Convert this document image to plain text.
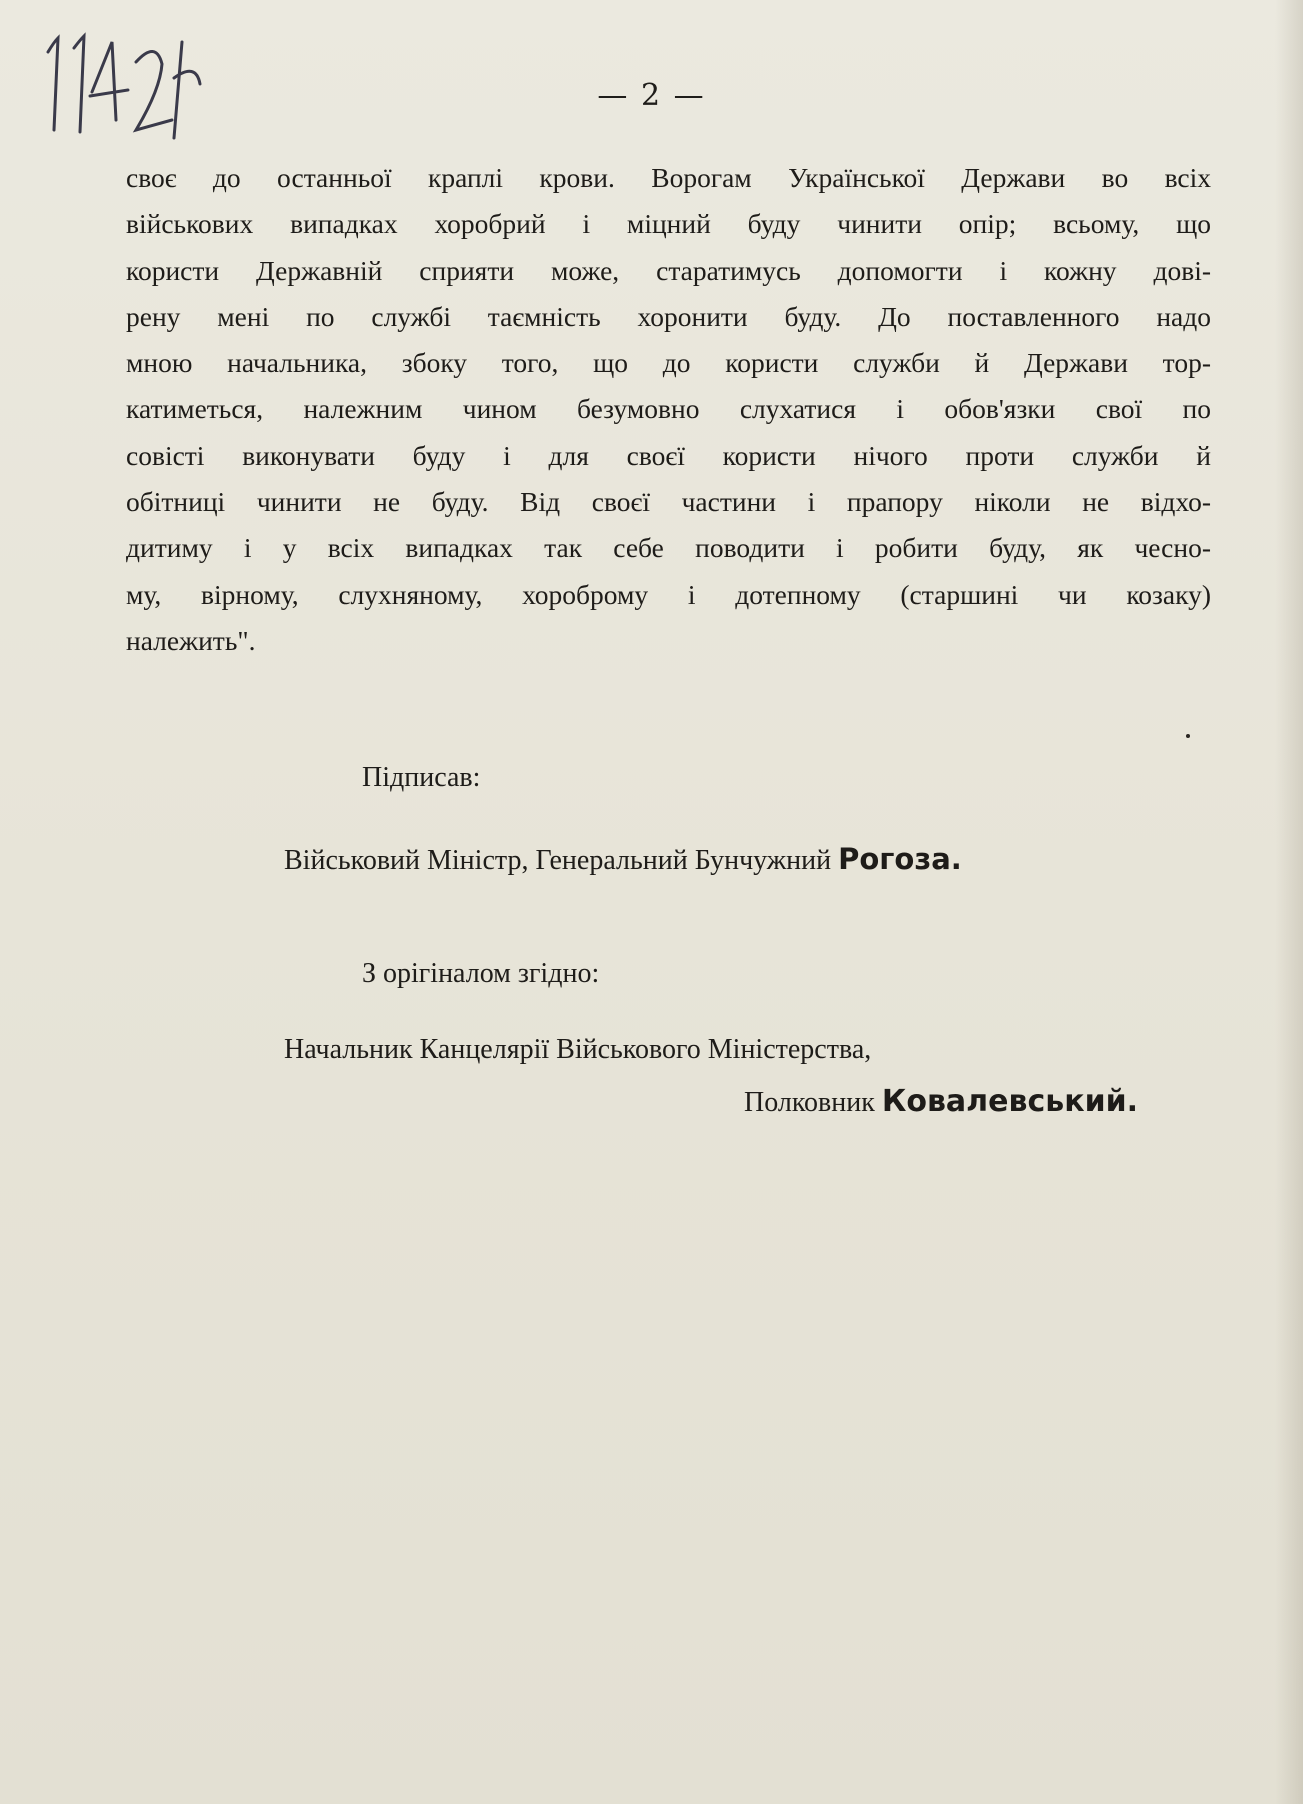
— 2 —
своє до останньої краплі крови. Ворогам Української Держави во всіх
військових випадках хоробрий і міцний буду чинити опір; всьому, що
користи Державній сприяти може, старатимусь допомогти і кожну дові-
рену мені по службі таємність хоронити буду. До поставленного надо
мною начальника, збоку того, що до користи служби й Держави тор-
катиметься, належним чином безумовно слухатися і обов'язки свої по
совісті виконувати буду і для своєї користи нічого проти служби й
обітниці чинити не буду. Від своєї частини і прапору ніколи не відхо-
дитиму і у всіх випадках так себе поводити і робити буду, як чесно-
му, вірному, слухняному, хороброму і дотепному (старшині чи козаку)
належить".
Підписав:
Військовий Міністр, Генеральний Бунчужний Рогоза.
З орігіналом згідно:
Начальник Канцелярії Військового Міністерства,
Полковник Ковалевський.
